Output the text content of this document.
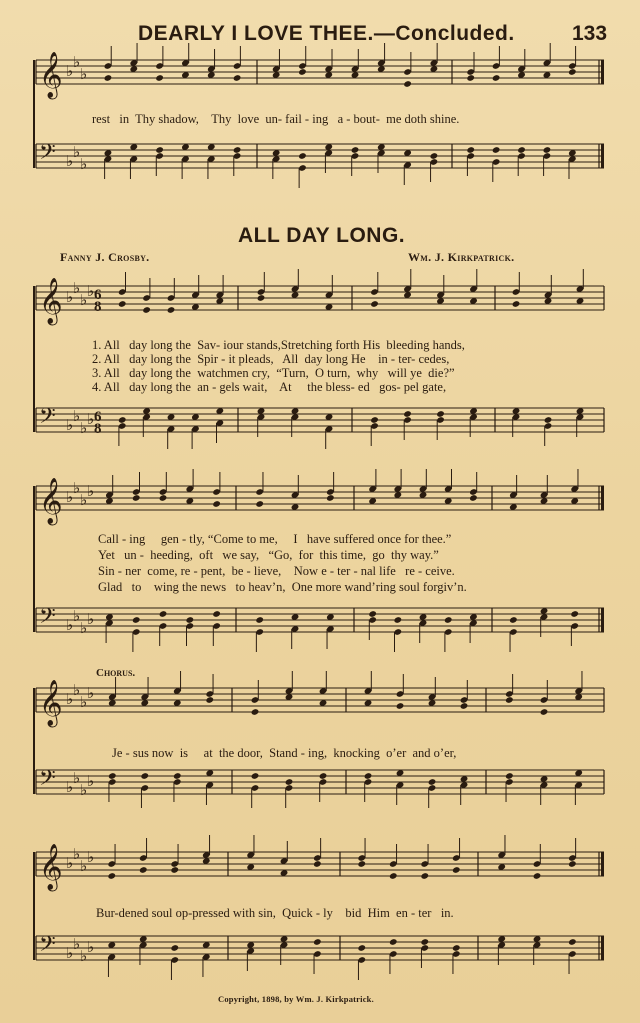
𝄞 ♭ ♭
♭
𝄢 ♭ ♭
♭
𝄞 ♭ ♭
♭ ♭
𝄢 ♭ ♭
♭ ♭
6
8
6
8
𝄞 ♭ ♭
♭ ♭
𝄢 ♭ ♭
♭ ♭
𝄞 ♭ ♭
♭ ♭
𝄢 ♭ ♭
♭ ♭
𝄞 ♭ ♭
♭ ♭
𝄢 ♭ ♭
♭ ♭
DEARLY I LOVE THEE.—Concluded.	133
rest   in  Thy shadow,    Thy  love  un- fail - ing   a - bout-  me doth shine.
ALL DAY LONG.
Fanny J. Crosby.	Wm. J. Kirkpatrick.
1. All   day long the  Sav- iour stands,Stretching forth His  bleeding hands,
2. All   day long the  Spir - it pleads,   All  day long He    in - ter- cedes,
3. All   day long the  watchmen cry,  “Turn,  O turn,  why   will ye  die?”
4. All   day long the  an - gels wait,    At     the bless- ed   gos- pel gate,
Call - ing     gen - tly, “Come to me,     I   have suffered once for thee.”
Yet   un -  heeding,  oft   we say,   “Go,  for  this time,  go  thy way.”
Sin - ner  come, re - pent,  be - lieve,    Now e - ter - nal life   re - ceive.
Glad   to    wing the news   to heav’n,  One more wand’ring soul forgiv’n.
Chorus.
Je - sus now  is     at  the door,  Stand - ing,  knocking  o’er  and o’er,
Bur-dened soul op-pressed with sin,  Quick - ly    bid  Him  en - ter   in.
Copyright, 1898, by Wm. J. Kirkpatrick.
